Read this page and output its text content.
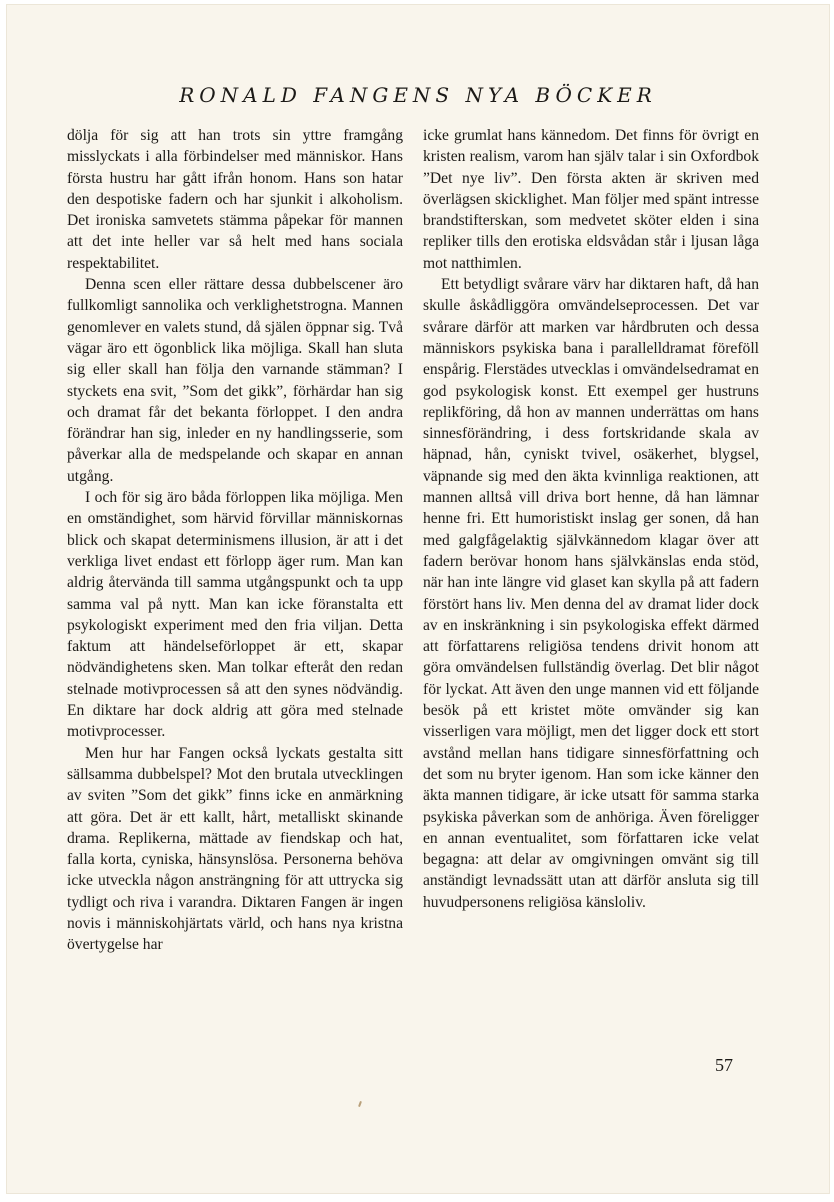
RONALD FANGENS NYA BÖCKER

dölja för sig att han trots sin yttre framgång misslyckats i alla förbindelser med människor. Hans första hustru har gått ifrån honom. Hans son hatar den despotiske fadern och har sjunkit i alkoholism. Det ironiska samvetets stämma påpekar för mannen att det inte heller var så helt med hans sociala respektabilitet.

Denna scen eller rättare dessa dubbelscener äro fullkomligt sannolika och verklighetstrogna. Mannen genomlever en valets stund, då själen öppnar sig. Två vägar äro ett ögonblick lika möjliga. Skall han sluta sig eller skall han följa den varnande stämman? I styckets ena svit, ”Som det gikk”, förhärdar han sig och dramat får det bekanta förloppet. I den andra förändrar han sig, inleder en ny handlingsserie, som påverkar alla de medspelande och skapar en annan utgång.

I och för sig äro båda förloppen lika möjliga. Men en omständighet, som härvid förvillar människornas blick och skapat determinismens illusion, är att i det verkliga livet endast ett förlopp äger rum. Man kan aldrig återvända till samma utgångspunkt och ta upp samma val på nytt. Man kan icke föranstalta ett psykologiskt experiment med den fria viljan. Detta faktum att händelseförloppet är ett, skapar nödvändighetens sken. Man tolkar efteråt den redan stelnade motivprocessen så att den synes nödvändig. En diktare har dock aldrig att göra med stelnade motivprocesser.

Men hur har Fangen också lyckats gestalta sitt sällsamma dubbelspel? Mot den brutala utvecklingen av sviten ”Som det gikk” finns icke en anmärkning att göra. Det är ett kallt, hårt, metalliskt skinande drama. Replikerna, mättade av fiendskap och hat, falla korta, cyniska, hänsynslösa. Personerna behöva icke utveckla någon ansträngning för att uttrycka sig tydligt och riva i varandra. Diktaren Fangen är ingen novis i människohjärtats värld, och hans nya kristna övertygelse har

icke grumlat hans kännedom. Det finns för övrigt en kristen realism, varom han själv talar i sin Oxfordbok ”Det nye liv”. Den första akten är skriven med överlägsen skicklighet. Man följer med spänt intresse brandstifterskan, som medvetet sköter elden i sina repliker tills den erotiska eldsvådan står i ljusan låga mot natthimlen.

Ett betydligt svårare värv har diktaren haft, då han skulle åskådliggöra omvändelseprocessen. Det var svårare därför att marken var hårdbruten och dessa människors psykiska bana i parallelldramat föreföll enspårig. Flerstädes utvecklas i omvändelsedramat en god psykologisk konst. Ett exempel ger hustruns replikföring, då hon av mannen underrättas om hans sinnesförändring, i dess fortskridande skala av häpnad, hån, cyniskt tvivel, osäkerhet, blygsel, väpnande sig med den äkta kvinnliga reaktionen, att mannen alltså vill driva bort henne, då han lämnar henne fri. Ett humoristiskt inslag ger sonen, då han med galgfågelaktig självkännedom klagar över att fadern berövar honom hans självkänslas enda stöd, när han inte längre vid glaset kan skylla på att fadern förstört hans liv. Men denna del av dramat lider dock av en inskränkning i sin psykologiska effekt därmed att författarens religiösa tendens drivit honom att göra omvändelsen fullständig överlag. Det blir något för lyckat. Att även den unge mannen vid ett följande besök på ett kristet möte omvänder sig kan visserligen vara möjligt, men det ligger dock ett stort avstånd mellan hans tidigare sinnesförfattning och det som nu bryter igenom. Han som icke känner den äkta mannen tidigare, är icke utsatt för samma starka psykiska påverkan som de anhöriga. Även föreligger en annan eventualitet, som författaren icke velat begagna: att delar av omgivningen omvänt sig till anständigt levnadssätt utan att därför ansluta sig till huvudpersonens religiösa känsloliv.

57
